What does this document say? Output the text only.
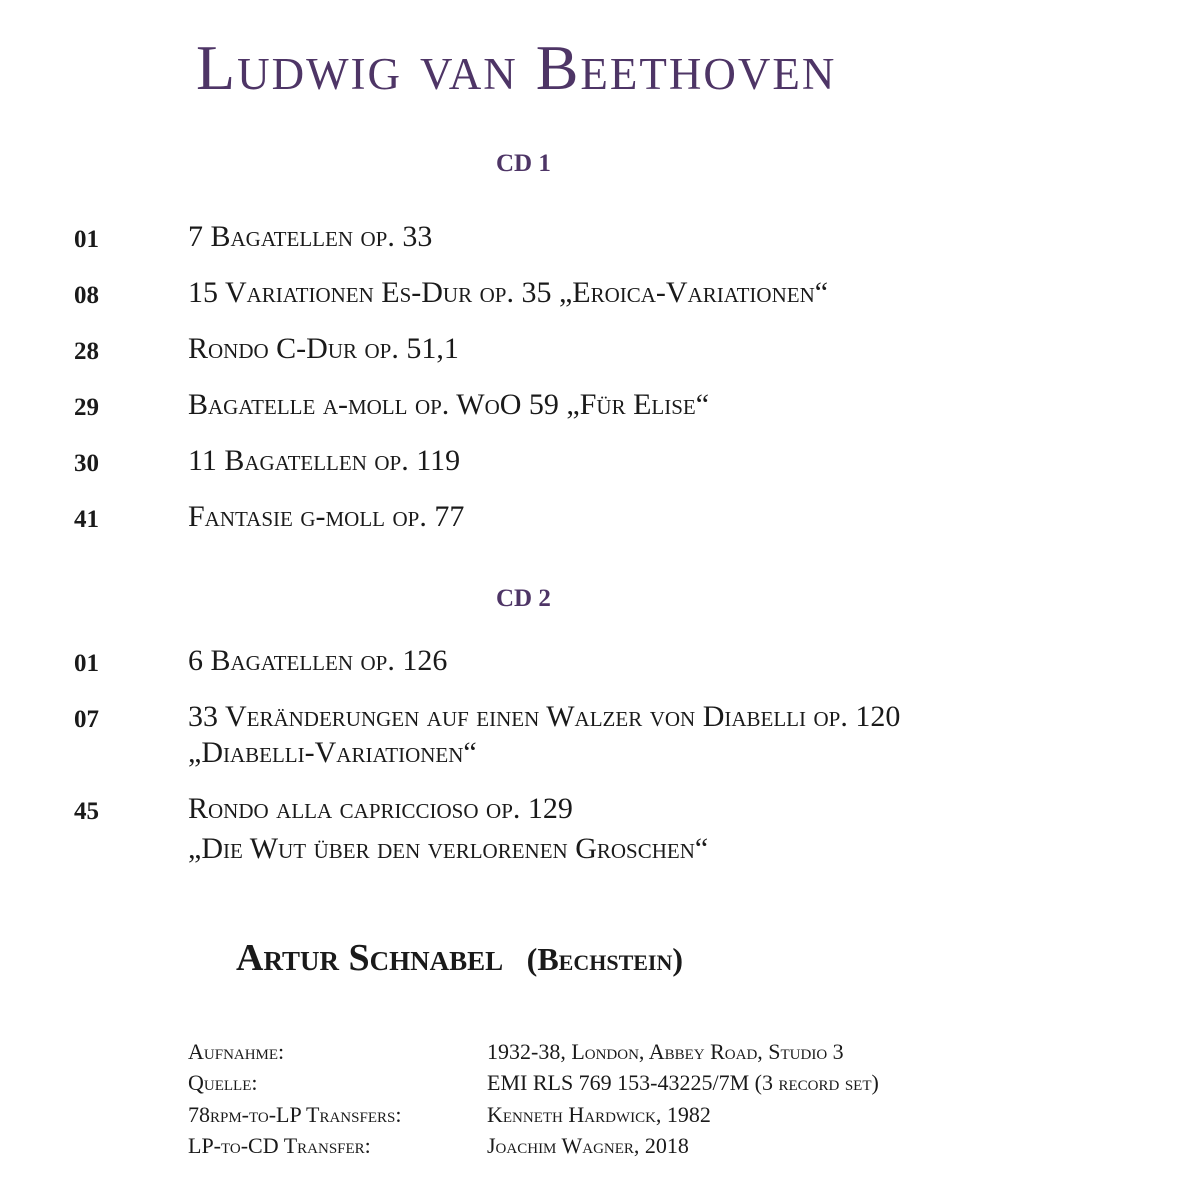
Ludwig van Beethoven
CD 1
01	7 Bagatellen op. 33
08	15 Variationen Es-Dur op. 35 „Eroica-Variationen“
28	Rondo C-Dur op. 51,1
29	Bagatelle a-moll op. WoO 59 „Für Elise“
30	11 Bagatellen op. 119
41	Fantasie g-moll op. 77
CD 2
01	6 Bagatellen op. 126
07	33 Veränderungen auf einen Walzer von Diabelli op. 120
„Diabelli-Variationen“
45	Rondo alla capriccioso op. 129
„Die Wut über den verlorenen Groschen“
Artur Schnabel (Bechstein)
Aufnahme:	1932-38, London, Abbey Road, Studio 3
Quelle:	EMI RLS 769 153-43225/7M (3 record set)
78rpm-to-LP Transfers:	Kenneth Hardwick, 1982
LP-to-CD Transfer:	Joachim Wagner, 2018
